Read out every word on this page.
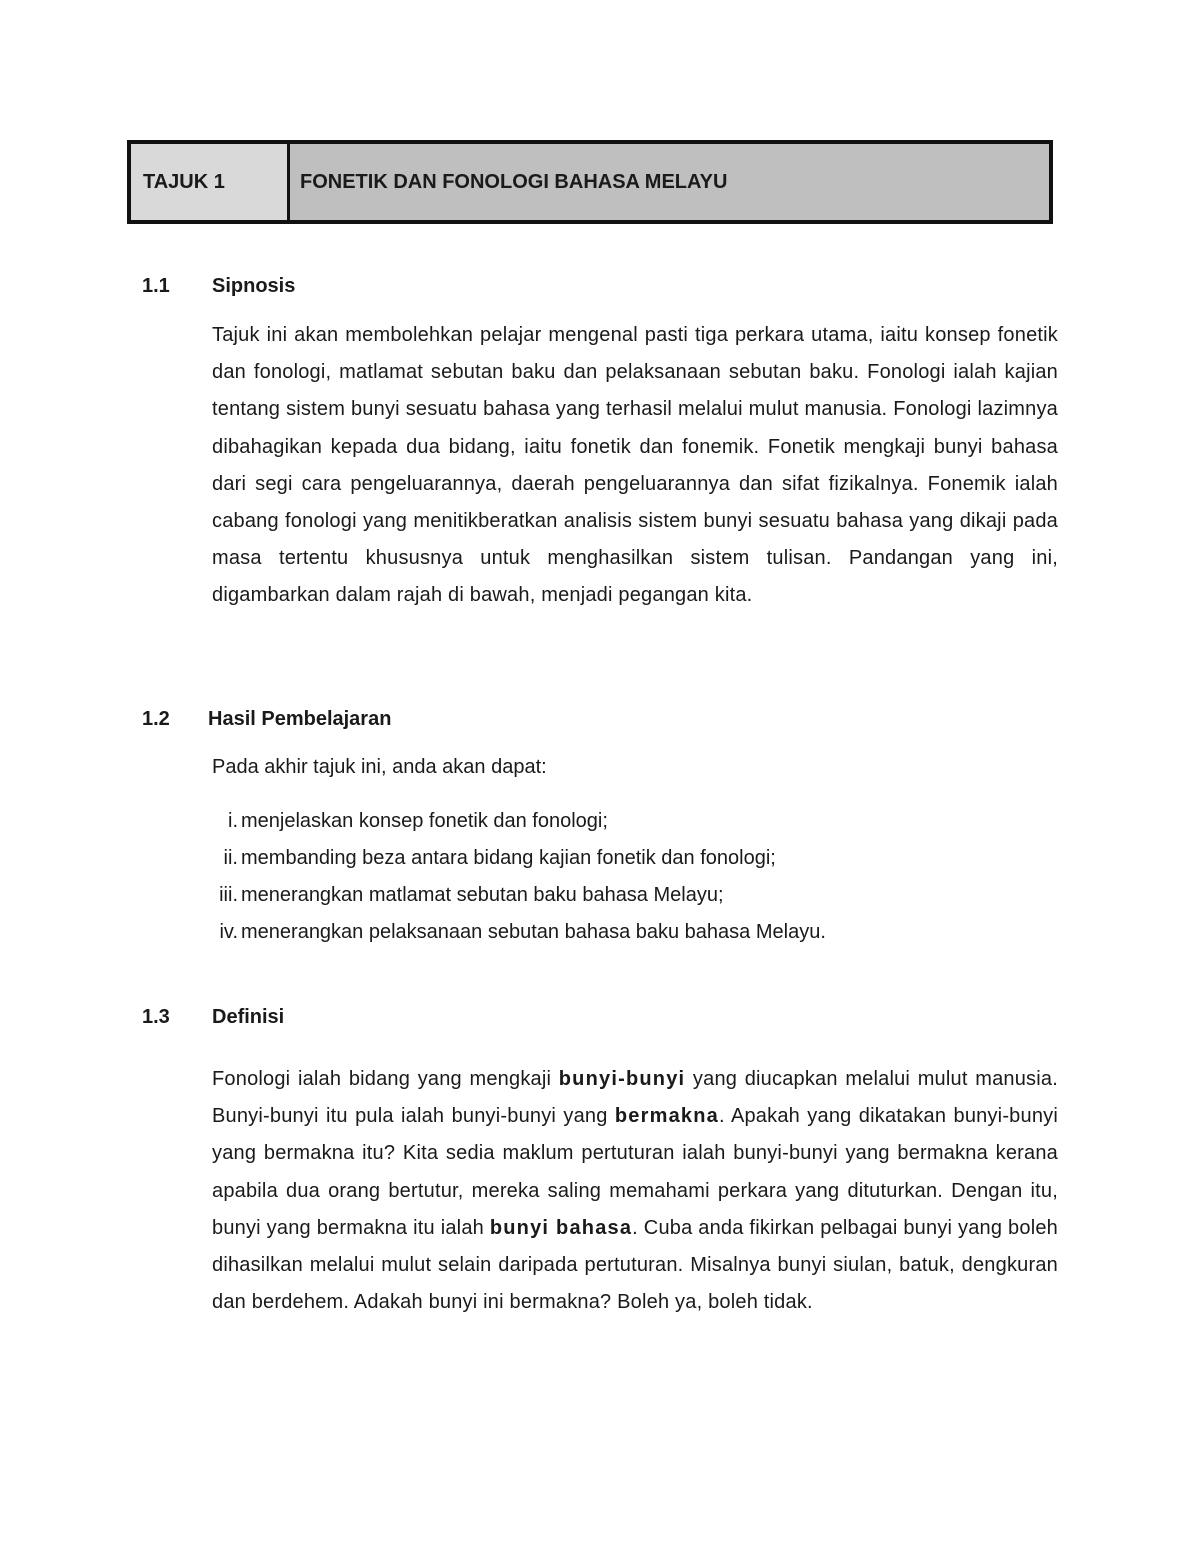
TAJUK 1	FONETIK DAN FONOLOGI BAHASA MELAYU
1.1	Sipnosis
Tajuk ini akan membolehkan pelajar mengenal pasti tiga perkara utama, iaitu konsep fonetik dan fonologi, matlamat sebutan baku dan pelaksanaan sebutan baku. Fonologi ialah kajian tentang sistem bunyi sesuatu bahasa yang terhasil melalui mulut manusia. Fonologi lazimnya dibahagikan kepada dua bidang, iaitu fonetik dan fonemik. Fonetik mengkaji bunyi bahasa dari segi cara pengeluarannya, daerah pengeluarannya dan sifat fizikalnya. Fonemik ialah cabang fonologi yang menitikberatkan analisis sistem bunyi sesuatu bahasa yang dikaji pada masa tertentu khususnya untuk menghasilkan sistem tulisan. Pandangan yang ini, digambarkan dalam rajah di bawah, menjadi pegangan kita.
1.2	Hasil Pembelajaran
Pada akhir tajuk ini, anda akan dapat:
i. menjelaskan konsep fonetik dan fonologi;
ii. membanding beza antara bidang kajian fonetik dan fonologi;
iii. menerangkan matlamat sebutan baku bahasa Melayu;
iv. menerangkan pelaksanaan sebutan bahasa baku bahasa Melayu.
1.3	Definisi
Fonologi ialah bidang yang mengkaji bunyi-bunyi yang diucapkan melalui mulut manusia. Bunyi-bunyi itu pula ialah bunyi-bunyi yang bermakna. Apakah yang dikatakan bunyi-bunyi yang bermakna itu? Kita sedia maklum pertuturan ialah bunyi-bunyi yang bermakna kerana apabila dua orang bertutur, mereka saling memahami perkara yang dituturkan. Dengan itu, bunyi yang bermakna itu ialah bunyi bahasa. Cuba anda fikirkan pelbagai bunyi yang boleh dihasilkan melalui mulut selain daripada pertuturan. Misalnya bunyi siulan, batuk, dengkuran dan berdehem. Adakah bunyi ini bermakna? Boleh ya, boleh tidak.
